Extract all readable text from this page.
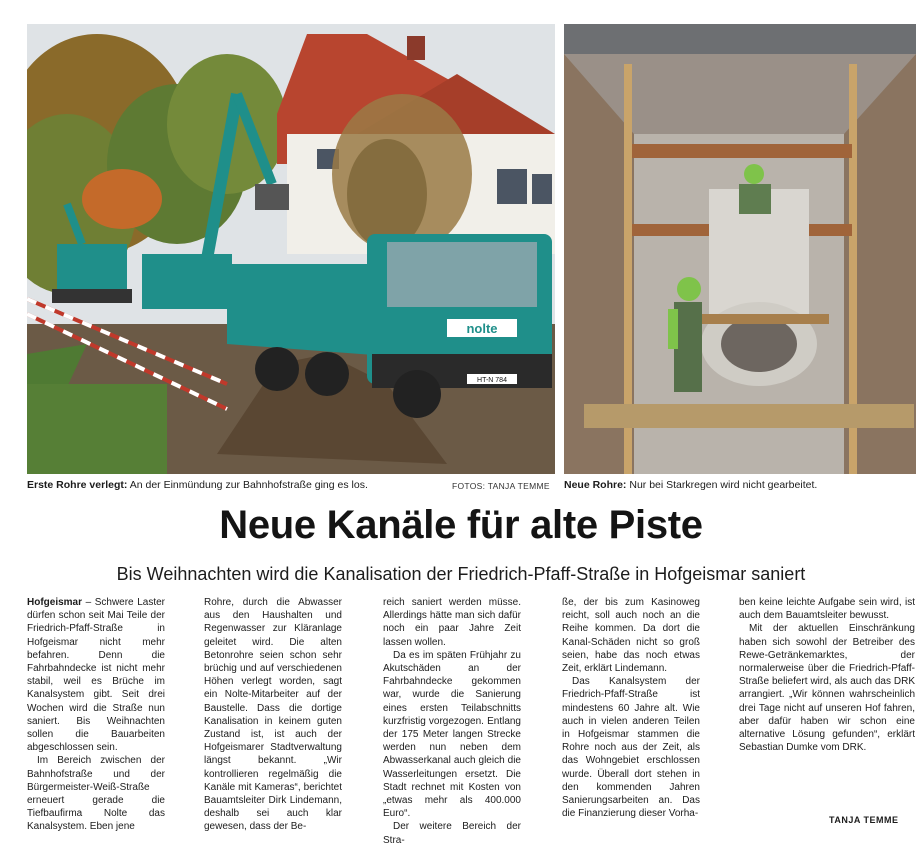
nolte
HT-N 784
Erste Rohre verlegt: An der Einmündung zur Bahnhofstraße ging es los.	FOTOS: TANJA TEMME Neue Rohre: Nur bei Starkregen wird nicht gearbeitet.
Neue Kanäle für alte Piste
Bis Weihnachten wird die Kanalisation der Friedrich-Pfaff-Straße in Hofgeismar saniert

Hofgeismar – Schwere Laster dürfen schon seit Mai Teile der Friedrich-Pfaff-Straße in Hofgeismar nicht mehr befahren. Denn die Fahrbahndecke ist nicht mehr stabil, weil es Brüche im Kanalsystem gibt. Seit drei Wochen wird die Straße nun saniert. Bis Weihnachten sollen die Bauarbeiten abgeschlossen sein.

Im Bereich zwischen der Bahnhofstraße und der Bürgermeister-Weiß-Straße erneuert gerade die Tiefbaufirma Nolte das Kanalsystem. Eben jene

Rohre, durch die Abwasser aus den Haushalten und Regenwasser zur Kläranlage geleitet wird. Die alten Betonrohre seien schon sehr brüchig und auf verschiedenen Höhen verlegt worden, sagt ein Nolte-Mitarbeiter auf der Baustelle. Dass die dortige Kanalisation in keinem guten Zustand ist, ist auch der Hofgeismarer Stadtverwaltung längst bekannt. „Wir kontrollieren regelmäßig die Kanäle mit Kameras“, berichtet Bauamtsleiter Dirk Lindemann, deshalb sei auch klar gewesen, dass der Be-

reich saniert werden müsse. Allerdings hätte man sich dafür noch ein paar Jahre Zeit lassen wollen.

Da es im späten Frühjahr zu Akutschäden an der Fahrbahndecke gekommen war, wurde die Sanierung eines ersten Teilabschnitts kurzfristig vorgezogen. Entlang der 175 Meter langen Strecke werden nun neben dem Abwasserkanal auch gleich die Wasserleitungen ersetzt. Die Stadt rechnet mit Kosten von „etwas mehr als 400.000 Euro“.

Der weitere Bereich der Stra-

ße, der bis zum Kasinoweg reicht, soll auch noch an die Reihe kommen. Da dort die Kanal-Schäden nicht so groß seien, habe das noch etwas Zeit, erklärt Lindemann.

Das Kanalsystem der Friedrich-Pfaff-Straße ist mindestens 60 Jahre alt. Wie auch in vielen anderen Teilen in Hofgeismar stammen die Rohre noch aus der Zeit, als das Wohngebiet erschlossen wurde. Überall dort stehen in den kommenden Jahren Sanierungsarbeiten an. Das die Finanzierung dieser Vorha-

ben keine leichte Aufgabe sein wird, ist auch dem Bauamtsleiter bewusst.

Mit der aktuellen Einschränkung haben sich sowohl der Betreiber des Rewe-Getränkemarktes, der normalerweise über die Friedrich-Pfaff-Straße beliefert wird, als auch das DRK arrangiert. „Wir können wahrscheinlich drei Tage nicht auf unseren Hof fahren, aber dafür haben wir schon eine alternative Lösung gefunden“, erklärt Sebastian Dumke vom DRK.

TANJA TEMME
